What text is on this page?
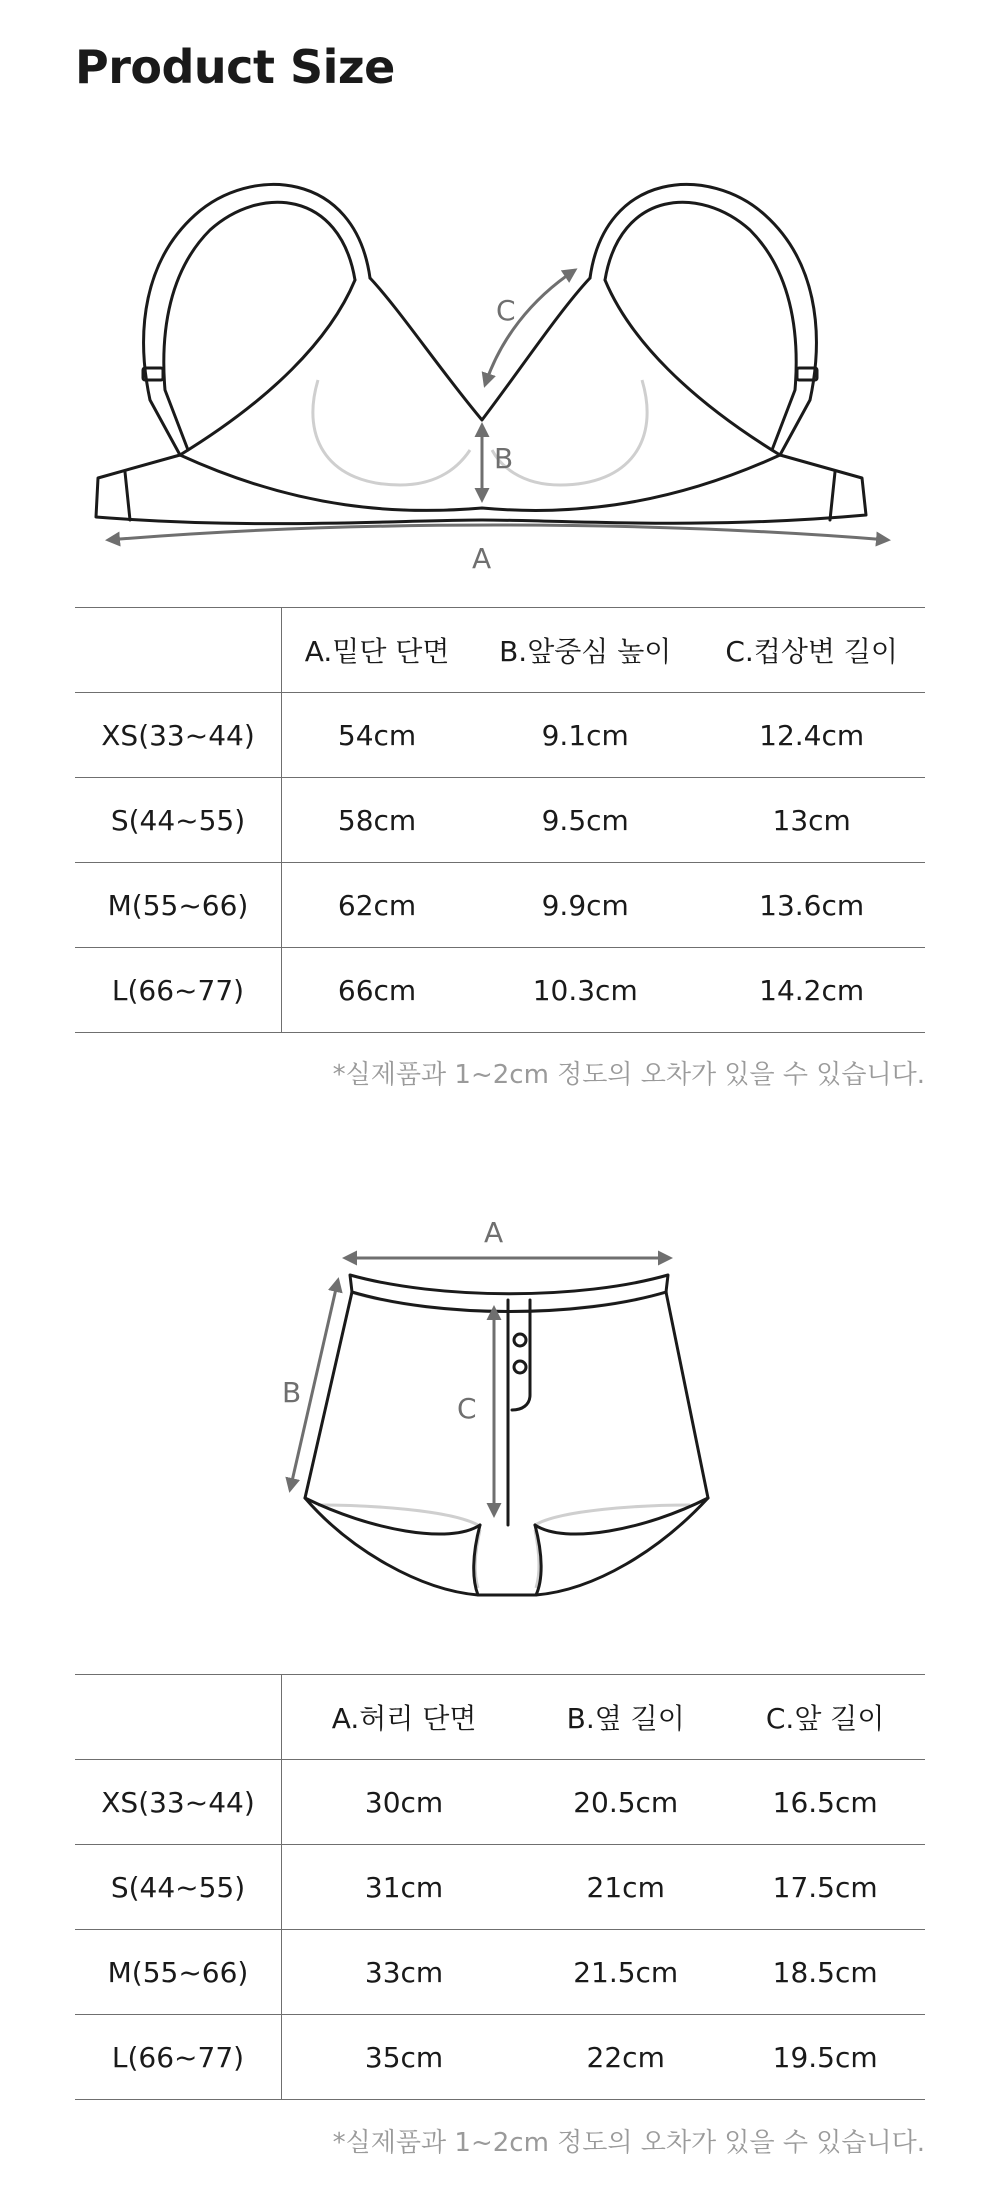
Product Size
A
B
C
	A.밑단 단면	B.앞중심 높이	C.컵상변 길이
XS(33~44)	54cm	9.1cm	12.4cm
S(44~55)	58cm	9.5cm	13cm
M(55~66)	62cm	9.9cm	13.6cm
L(66~77)	66cm	10.3cm	14.2cm
*실제품과 1~2cm 정도의 오차가 있을 수 있습니다.
A
B	C
	A.허리 단면	B.옆 길이	C.앞 길이
XS(33~44)	30cm	20.5cm	16.5cm
S(44~55)	31cm	21cm	17.5cm
M(55~66)	33cm	21.5cm	18.5cm
L(66~77)	35cm	22cm	19.5cm
*실제품과 1~2cm 정도의 오차가 있을 수 있습니다.
